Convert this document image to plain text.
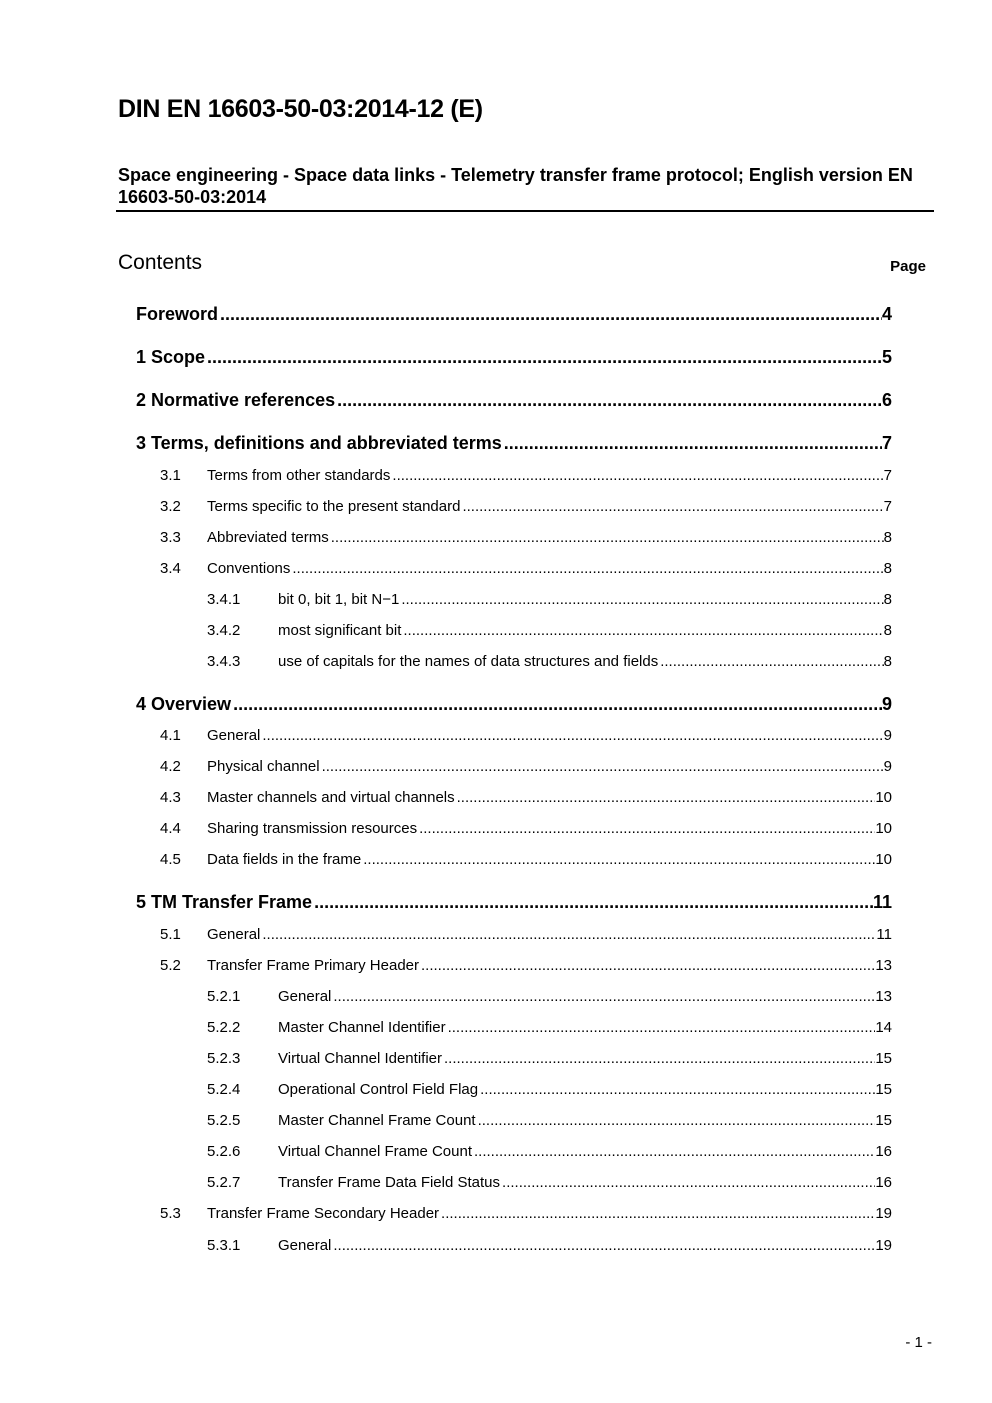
DIN EN 16603-50-03:2014-12 (E)
Space engineering - Space data links - Telemetry transfer frame protocol; English version EN 16603-50-03:2014
Contents	Page
Foreword .....	4
1 Scope .....	5
2 Normative references .....	6
3 Terms, definitions and abbreviated terms .....	7
3.1	Terms from other standards .....	7
3.2	Terms specific to the present standard .....	7
3.3	Abbreviated terms .....	8
3.4	Conventions .....	8
3.4.1	bit 0, bit 1, bit N−1 .....	8
3.4.2	most significant bit .....	8
3.4.3	use of capitals for the names of data structures and fields .....	8
4 Overview .....	9
4.1	General .....	9
4.2	Physical channel .....	9
4.3	Master channels and virtual channels .....	10
4.4	Sharing transmission resources .....	10
4.5	Data fields in the frame .....	10
5 TM Transfer Frame .....	11
5.1	General .....	11
5.2	Transfer Frame Primary Header .....	13
5.2.1	General .....	13
5.2.2	Master Channel Identifier .....	14
5.2.3	Virtual Channel Identifier .....	15
5.2.4	Operational Control Field Flag .....	15
5.2.5	Master Channel Frame Count .....	15
5.2.6	Virtual Channel Frame Count .....	16
5.2.7	Transfer Frame Data Field Status .....	16
5.3	Transfer Frame Secondary Header .....	19
5.3.1	General .....	19
- 1 -
